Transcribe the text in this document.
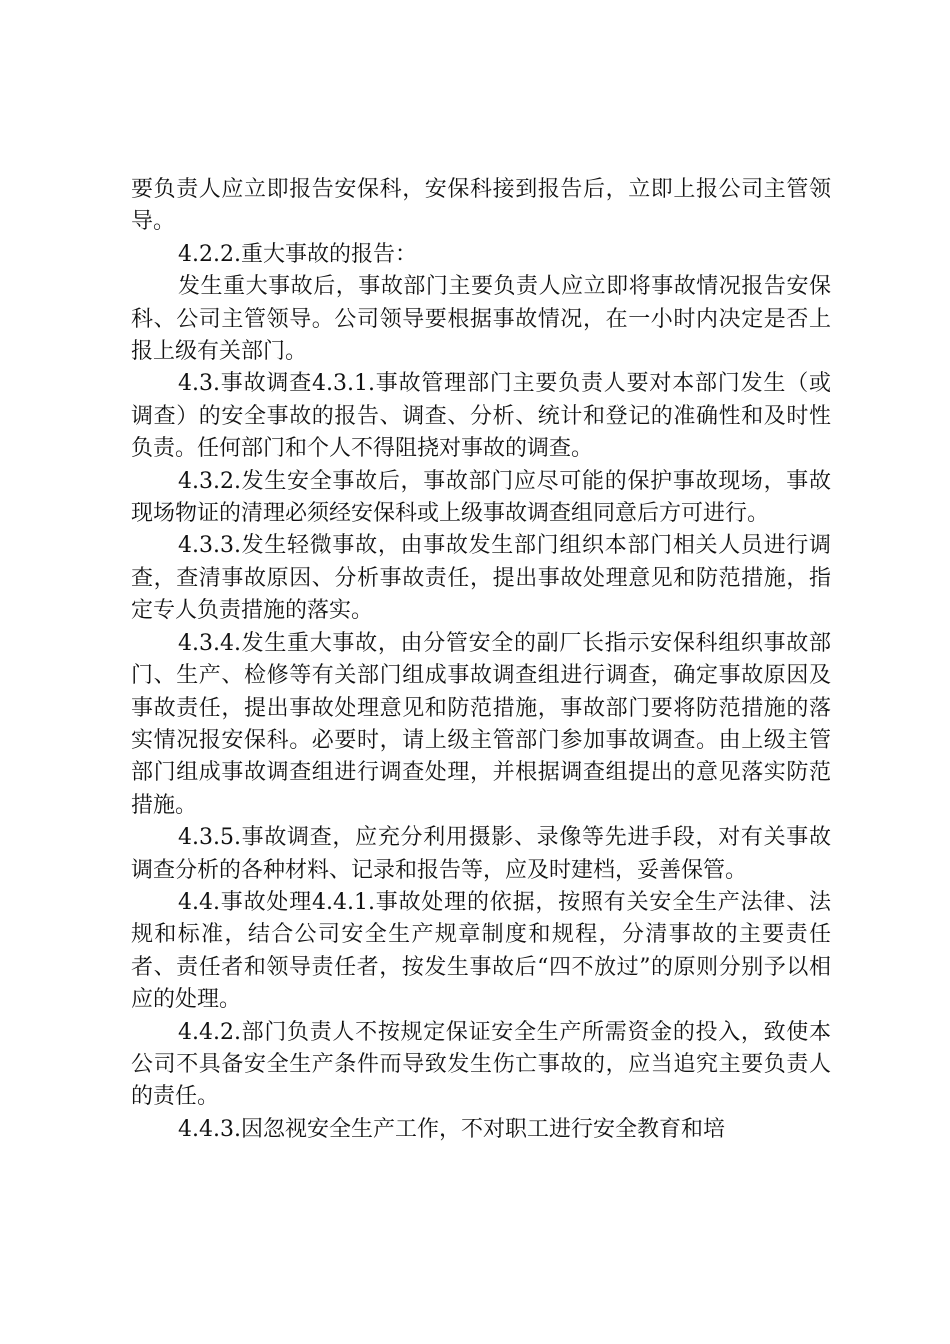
要负责人应立即报告安保科，安保科接到报告后，立即上报公司主管领导。

4.2.2.重大事故的报告：

发生重大事故后，事故部门主要负责人应立即将事故情况报告安保科、公司主管领导。公司领导要根据事故情况，在一小时内决定是否上报上级有关部门。

4.3.事故调查4.3.1.事故管理部门主要负责人要对本部门发生（或调查）的安全事故的报告、调查、分析、统计和登记的准确性和及时性负责。任何部门和个人不得阻挠对事故的调查。

4.3.2.发生安全事故后，事故部门应尽可能的保护事故现场，事故现场物证的清理必须经安保科或上级事故调查组同意后方可进行。

4.3.3.发生轻微事故，由事故发生部门组织本部门相关人员进行调查，查清事故原因、分析事故责任，提出事故处理意见和防范措施，指定专人负责措施的落实。

4.3.4.发生重大事故，由分管安全的副厂长指示安保科组织事故部门、生产、检修等有关部门组成事故调查组进行调查，确定事故原因及事故责任，提出事故处理意见和防范措施，事故部门要将防范措施的落实情况报安保科。必要时，请上级主管部门参加事故调查。由上级主管部门组成事故调查组进行调查处理，并根据调查组提出的意见落实防范措施。

4.3.5.事故调查，应充分利用摄影、录像等先进手段，对有关事故调查分析的各种材料、记录和报告等，应及时建档，妥善保管。

4.4.事故处理4.4.1.事故处理的依据，按照有关安全生产法律、法规和标准，结合公司安全生产规章制度和规程，分清事故的主要责任者、责任者和领导责任者，按发生事故后“四不放过”的原则分别予以相应的处理。

4.4.2.部门负责人不按规定保证安全生产所需资金的投入，致使本公司不具备安全生产条件而导致发生伤亡事故的，应当追究主要负责人的责任。

4.4.3.因忽视安全生产工作，不对职工进行安全教育和培
